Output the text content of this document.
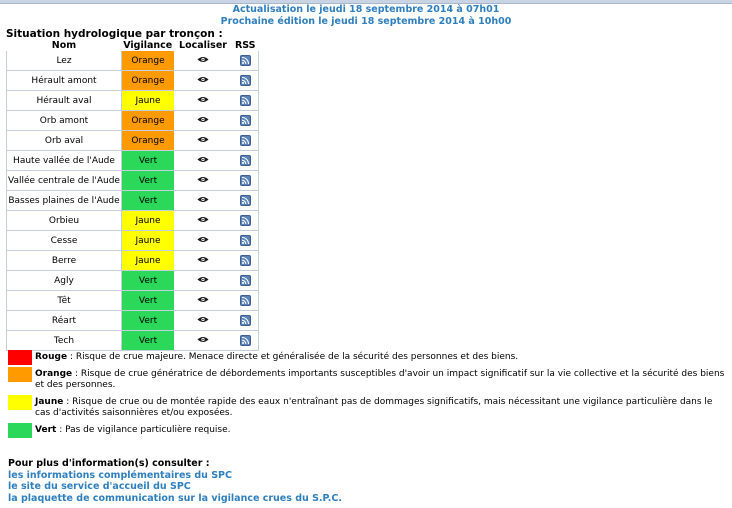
Actualisation le jeudi 18 septembre 2014 à 07h01
Prochaine édition le jeudi 18 septembre 2014 à 10h00
Situation hydrologique par tronçon :
Nom	Vigilance	Localiser	RSS
Lez	Orange	

Hérault amont	Orange	

Hérault aval	Jaune	

Orb amont	Orange	

Orb aval	Orange	

Haute vallée de l'Aude	Vert	

Vallée centrale de l'Aude	Vert	

Basses plaines de l'Aude	Vert	

Orbieu	Jaune	

Cesse	Jaune	

Berre	Jaune	

Agly	Vert	

Têt	Vert	

Réart	Vert	

Tech	Vert	

Rouge : Risque de crue majeure. Menace directe et généralisée de la sécurité des personnes et des biens.
Orange : Risque de crue génératrice de débordements importants susceptibles d'avoir un impact significatif sur la vie collective et la sécurité des biens et des personnes.
Jaune : Risque de crue ou de montée rapide des eaux n'entraînant pas de dommages significatifs, mais nécessitant une vigilance particulière dans le cas d'activités saisonnières et/ou exposées.
Vert : Pas de vigilance particulière requise.
Pour plus d'information(s) consulter :
les informations complémentaires du SPC
le site du service d'accueil du SPC
la plaquette de communication sur la vigilance crues du S.P.C.
